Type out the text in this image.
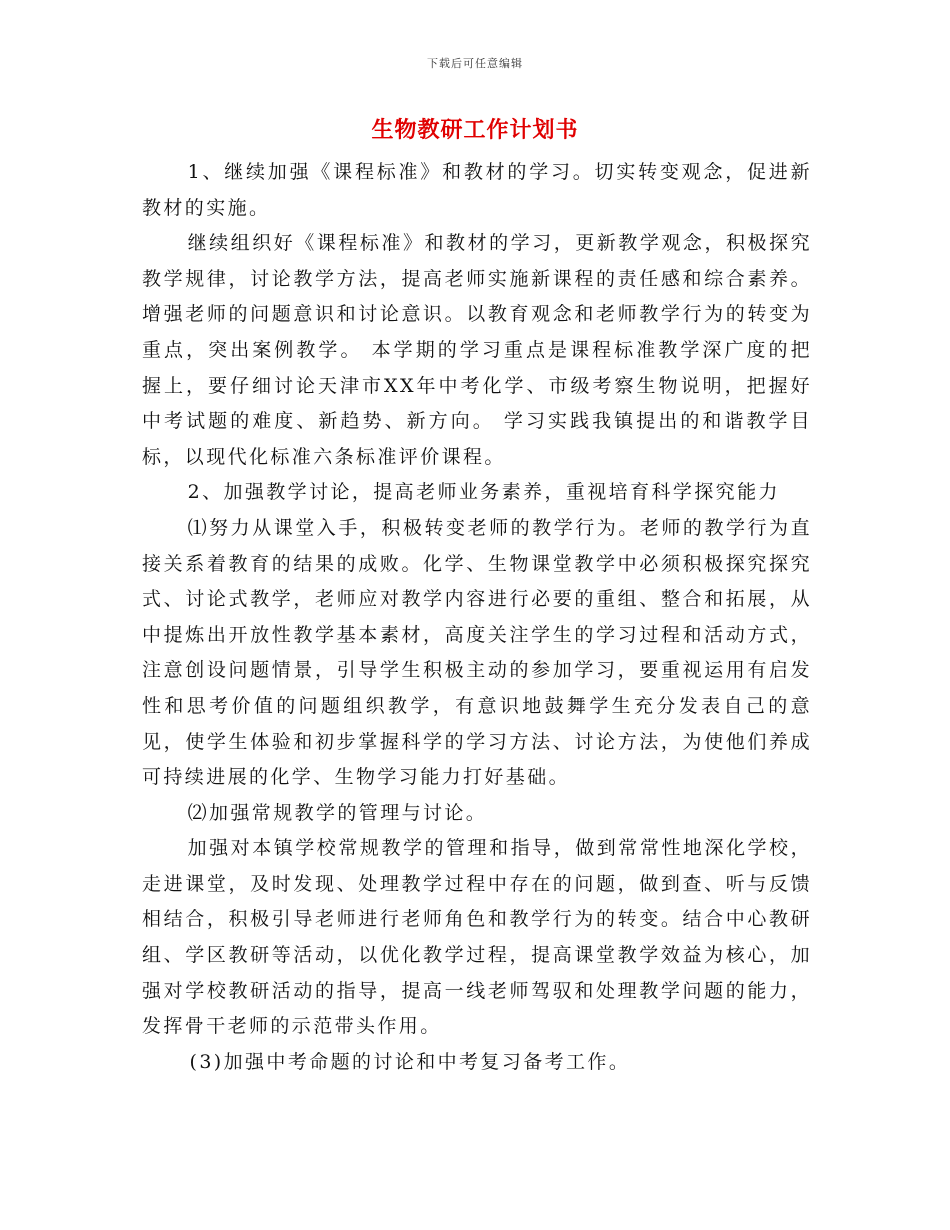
下载后可任意编辑
生物教研工作计划书

1、继续加强《课程标准》和教材的学习。切实转变观念，促进新教材的实施。

继续组织好《课程标准》和教材的学习，更新教学观念，积极探究教学规律，讨论教学方法，提高老师实施新课程的责任感和综合素养。增强老师的问题意识和讨论意识。以教育观念和老师教学行为的转变为重点，突出案例教学。 本学期的学习重点是课程标准教学深广度的把握上，要仔细讨论天津市XX年中考化学、市级考察生物说明，把握好中考试题的难度、新趋势、新方向。 学习实践我镇提出的和谐教学目标，以现代化标准六条标准评价课程。

2、加强教学讨论，提高老师业务素养，重视培育科学探究能力

⑴努力从课堂入手，积极转变老师的教学行为。老师的教学行为直接关系着教育的结果的成败。化学、生物课堂教学中必须积极探究探究式、讨论式教学，老师应对教学内容进行必要的重组、整合和拓展，从中提炼出开放性教学基本素材，高度关注学生的学习过程和活动方式，注意创设问题情景，引导学生积极主动的参加学习，要重视运用有启发性和思考价值的问题组织教学，有意识地鼓舞学生充分发表自己的意见，使学生体验和初步掌握科学的学习方法、讨论方法，为使他们养成可持续进展的化学、生物学习能力打好基础。

⑵加强常规教学的管理与讨论。

加强对本镇学校常规教学的管理和指导，做到常常性地深化学校，走进课堂，及时发现、处理教学过程中存在的问题，做到查、听与反馈相结合，积极引导老师进行老师角色和教学行为的转变。结合中心教研组、学区教研等活动，以优化教学过程，提高课堂教学效益为核心，加强对学校教研活动的指导，提高一线老师驾驭和处理教学问题的能力，发挥骨干老师的示范带头作用。

(3)加强中考命题的讨论和中考复习备考工作。
